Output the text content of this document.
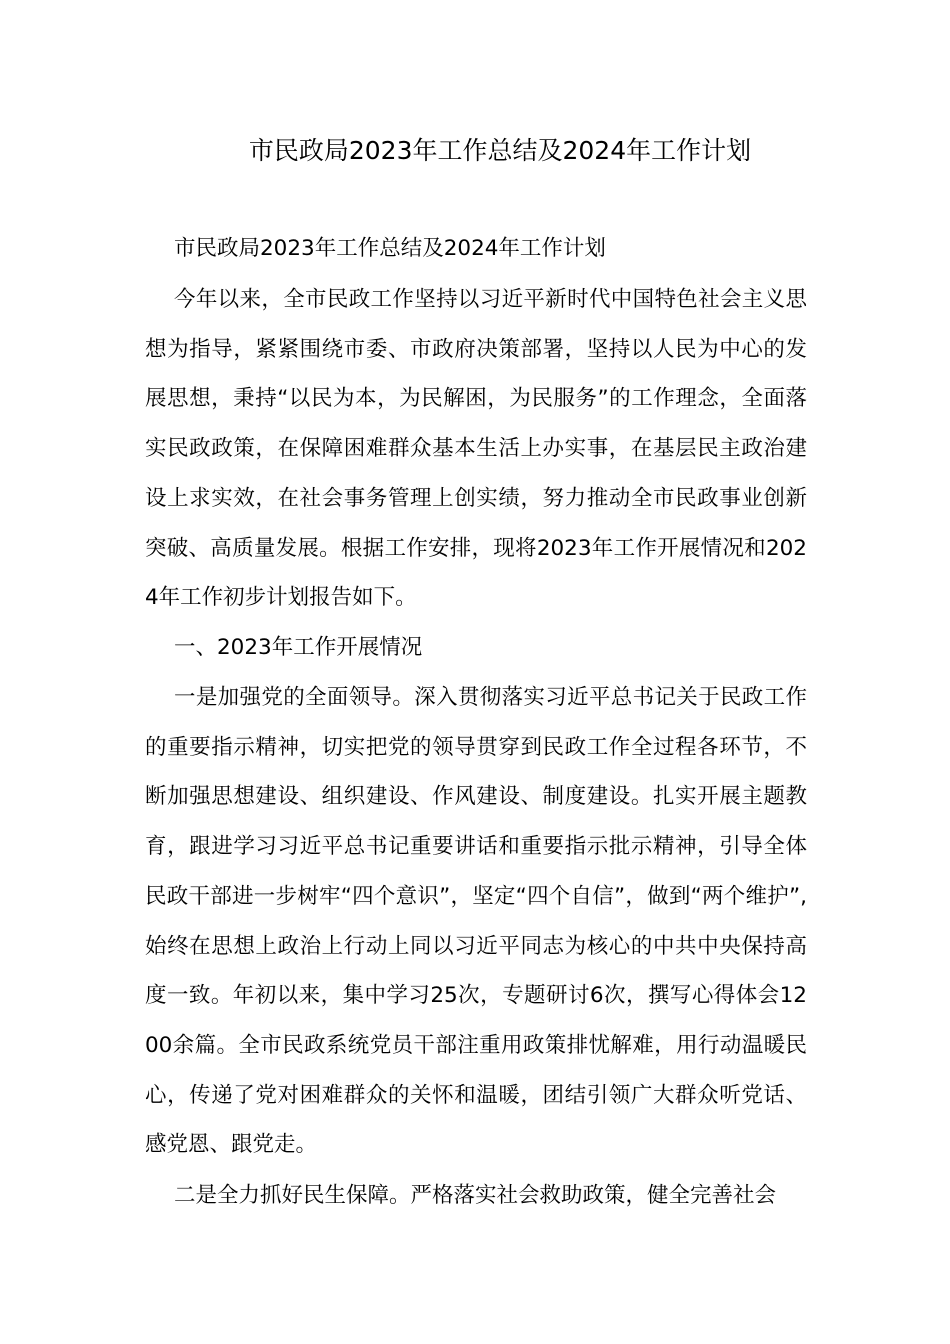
市民政局2023年工作总结及2024年工作计划

市民政局2023年工作总结及2024年工作计划

今年以来，全市民政工作坚持以习近平新时代中国特色社会主义思想为指导，紧紧围绕市委、市政府决策部署，坚持以人民为中心的发展思想，秉持“以民为本，为民解困，为民服务”的工作理念，全面落实民政政策，在保障困难群众基本生活上办实事，在基层民主政治建设上求实效，在社会事务管理上创实绩，努力推动全市民政事业创新突破、高质量发展。根据工作安排，现将2023年工作开展情况和2024年工作初步计划报告如下。

一、2023年工作开展情况

一是加强党的全面领导。深入贯彻落实习近平总书记关于民政工作的重要指示精神，切实把党的领导贯穿到民政工作全过程各环节，不断加强思想建设、组织建设、作风建设、制度建设。扎实开展主题教育，跟进学习习近平总书记重要讲话和重要指示批示精神，引导全体民政干部进一步树牢“四个意识”，坚定“四个自信”，做到“两个维护”,始终在思想上政治上行动上同以习近平同志为核心的中共中央保持高度一致。年初以来，集中学习25次，专题研讨6次，撰写心得体会1200余篇。全市民政系统党员干部注重用政策排忧解难，用行动温暖民心，传递了党对困难群众的关怀和温暖，团结引领广大群众听党话、感党恩、跟党走。

二是全力抓好民生保障。严格落实社会救助政策，健全完善社会
